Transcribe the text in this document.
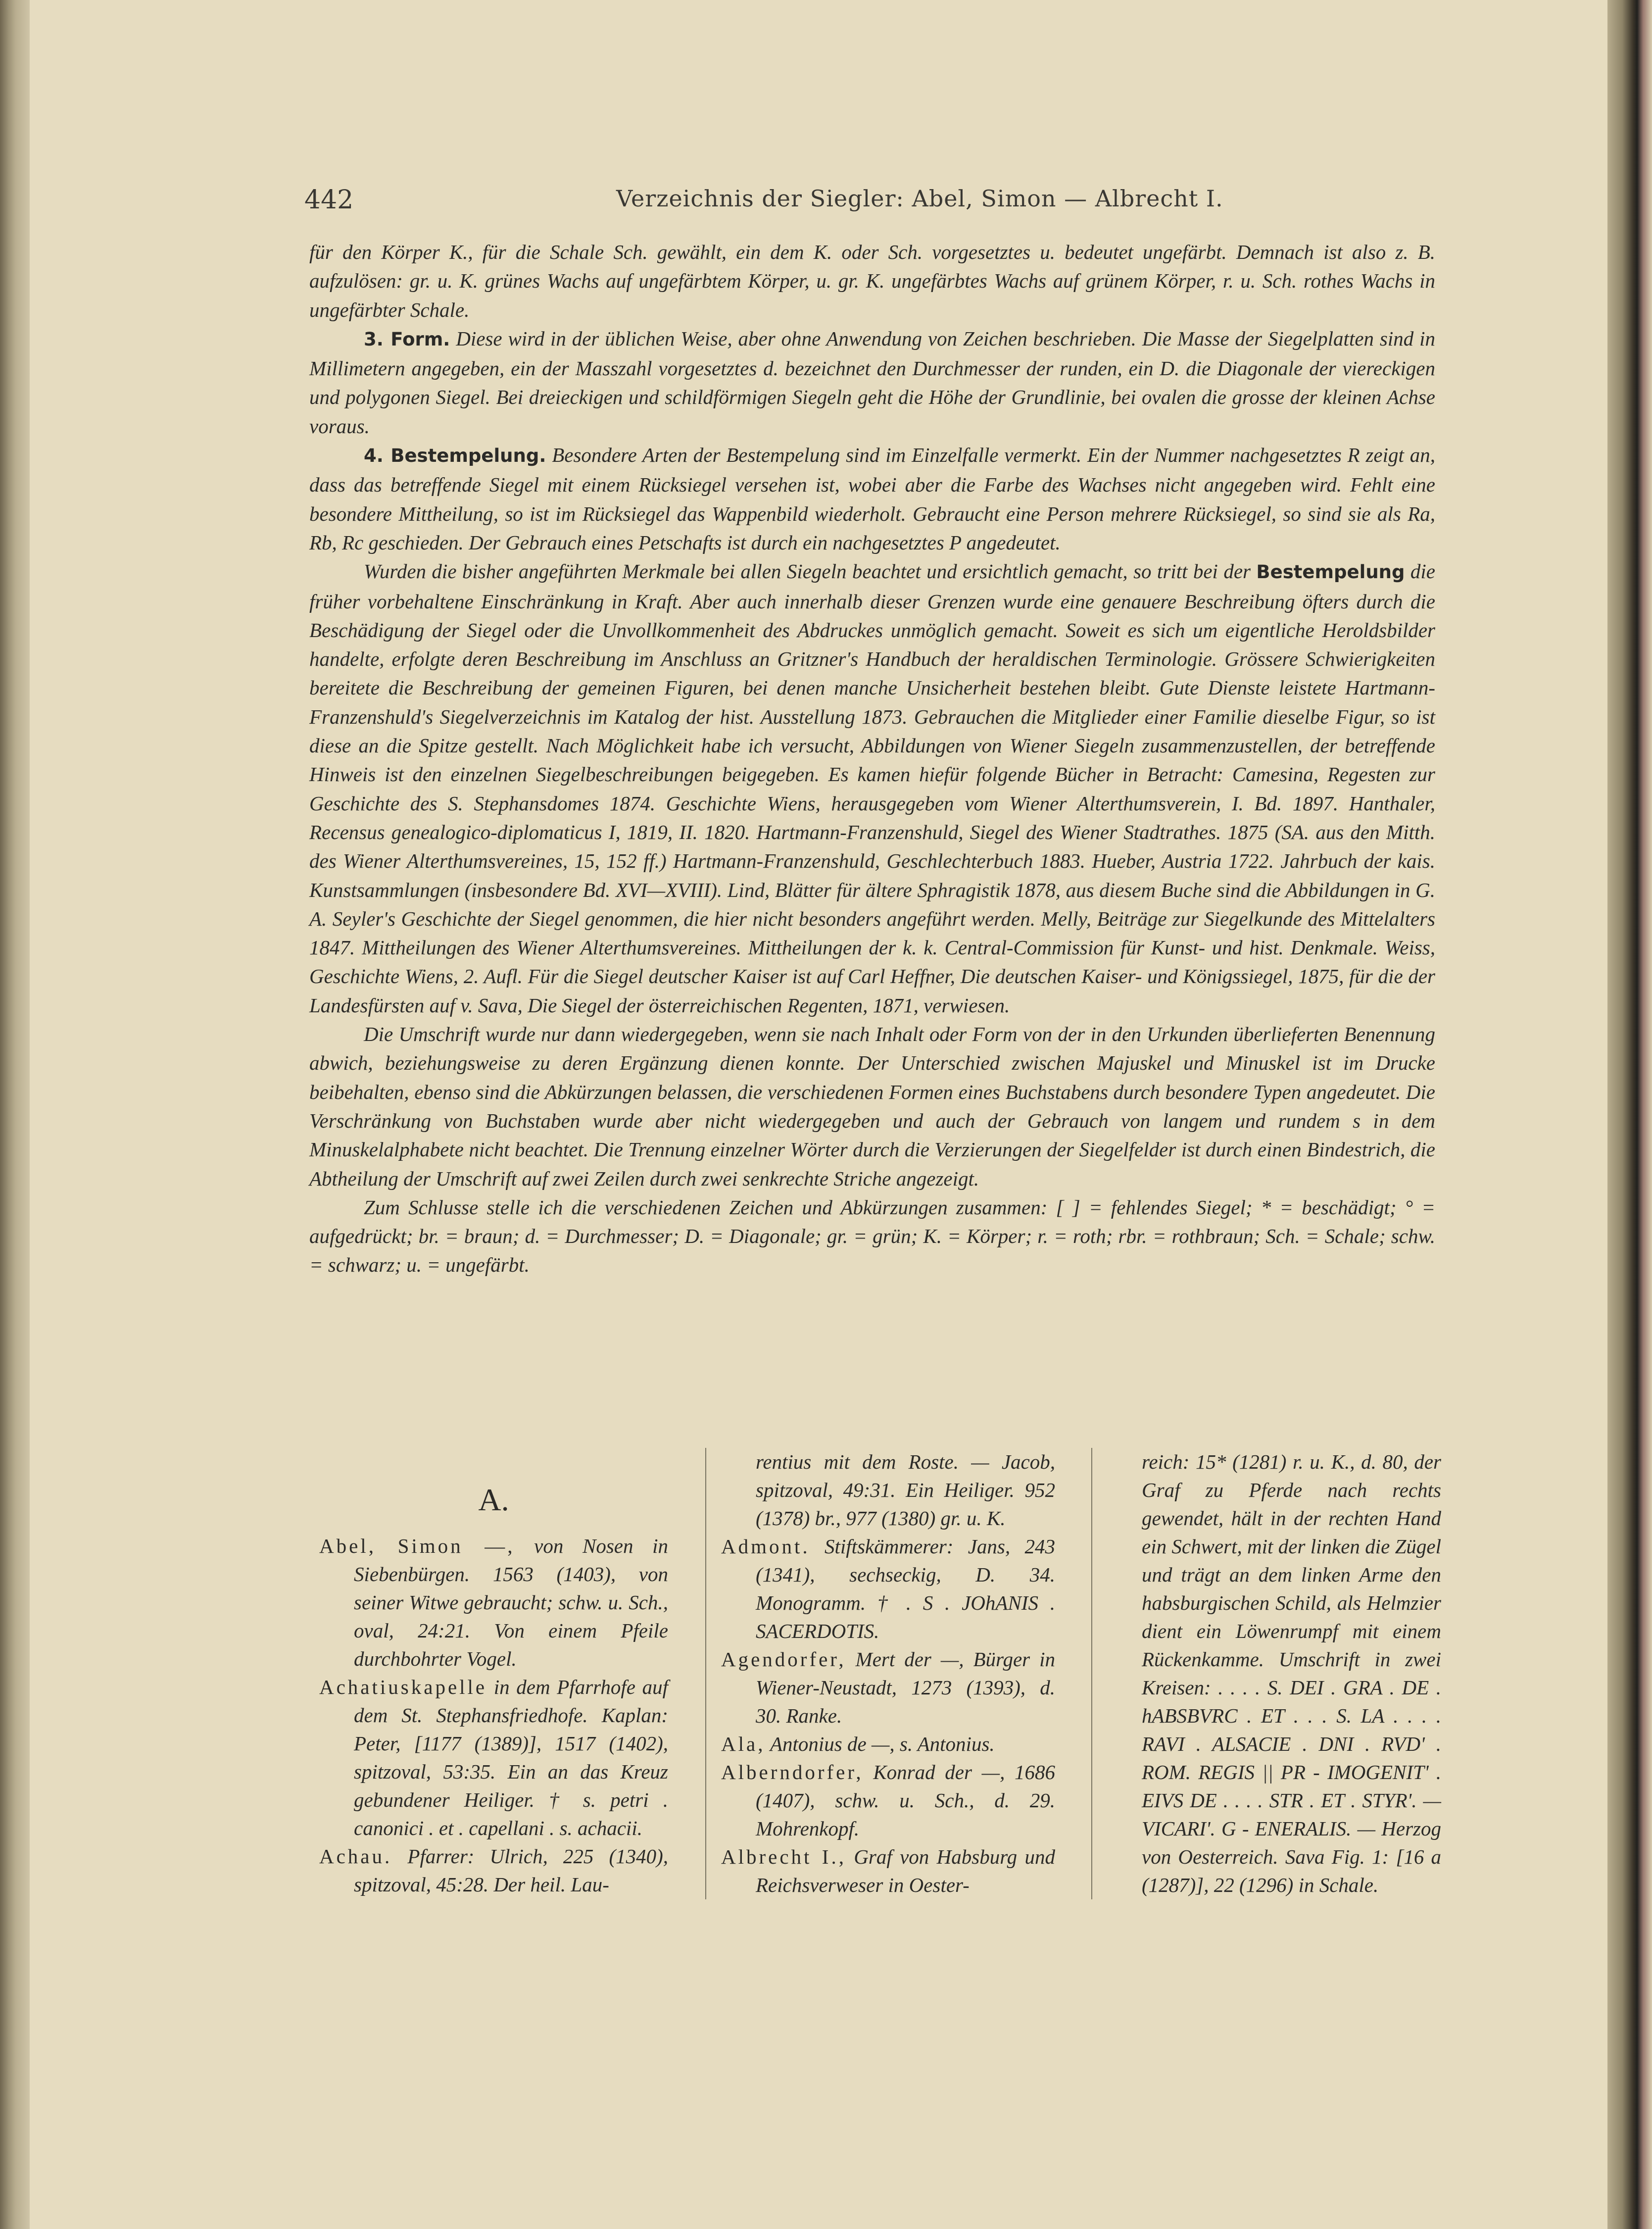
442	Verzeichnis der Siegler: Abel, Simon — Albrecht I.

für den Körper K., für die Schale Sch. gewählt, ein dem K. oder Sch. vorgesetztes u. bedeutet ungefärbt. Demnach ist also z. B. aufzulösen: gr. u. K. grünes Wachs auf ungefärbtem Körper, u. gr. K. ungefärbtes Wachs auf grünem Körper, r. u. Sch. rothes Wachs in ungefärbter Schale.

3. Form. Diese wird in der üblichen Weise, aber ohne Anwendung von Zeichen beschrieben. Die Masse der Siegelplatten sind in Millimetern angegeben, ein der Masszahl vorgesetztes d. bezeichnet den Durchmesser der runden, ein D. die Diagonale der viereckigen und polygonen Siegel. Bei dreieckigen und schildförmigen Siegeln geht die Höhe der Grundlinie, bei ovalen die grosse der kleinen Achse voraus.

4. Bestempelung. Besondere Arten der Bestempelung sind im Einzelfalle vermerkt. Ein der Nummer nachgesetztes R zeigt an, dass das betreffende Siegel mit einem Rücksiegel versehen ist, wobei aber die Farbe des Wachses nicht angegeben wird. Fehlt eine besondere Mittheilung, so ist im Rücksiegel das Wappenbild wiederholt. Gebraucht eine Person mehrere Rücksiegel, so sind sie als Ra, Rb, Rc geschieden. Der Gebrauch eines Petschafts ist durch ein nachgesetztes P angedeutet.

Wurden die bisher angeführten Merkmale bei allen Siegeln beachtet und ersichtlich gemacht, so tritt bei der Bestempelung die früher vorbehaltene Einschränkung in Kraft. Aber auch innerhalb dieser Grenzen wurde eine genauere Beschreibung öfters durch die Beschädigung der Siegel oder die Unvollkommenheit des Abdruckes unmöglich gemacht. Soweit es sich um eigentliche Heroldsbilder handelte, erfolgte deren Beschreibung im Anschluss an Gritzner's Handbuch der heraldischen Terminologie. Grössere Schwierigkeiten bereitete die Beschreibung der gemeinen Figuren, bei denen manche Unsicherheit bestehen bleibt. Gute Dienste leistete Hartmann-Franzenshuld's Siegelverzeichnis im Katalog der hist. Ausstellung 1873. Gebrauchen die Mitglieder einer Familie dieselbe Figur, so ist diese an die Spitze gestellt. Nach Möglichkeit habe ich versucht, Abbildungen von Wiener Siegeln zusammenzustellen, der betreffende Hinweis ist den einzelnen Siegelbeschreibungen beigegeben. Es kamen hiefür folgende Bücher in Betracht: Camesina, Regesten zur Geschichte des S. Stephansdomes 1874. Geschichte Wiens, herausgegeben vom Wiener Alterthumsverein, I. Bd. 1897. Hanthaler, Recensus genealogico-diplomaticus I, 1819, II. 1820. Hartmann-Franzenshuld, Siegel des Wiener Stadtrathes. 1875 (SA. aus den Mitth. des Wiener Alterthumsvereines, 15, 152 ff.) Hartmann-Franzenshuld, Geschlechterbuch 1883. Hueber, Austria 1722. Jahrbuch der kais. Kunstsammlungen (insbesondere Bd. XVI—XVIII). Lind, Blätter für ältere Sphragistik 1878, aus diesem Buche sind die Abbildungen in G. A. Seyler's Geschichte der Siegel genommen, die hier nicht besonders angeführt werden. Melly, Beiträge zur Siegelkunde des Mittelalters 1847. Mittheilungen des Wiener Alterthumsvereines. Mittheilungen der k. k. Central-Commission für Kunst- und hist. Denkmale. Weiss, Geschichte Wiens, 2. Aufl. Für die Siegel deutscher Kaiser ist auf Carl Heffner, Die deutschen Kaiser- und Königssiegel, 1875, für die der Landesfürsten auf v. Sava, Die Siegel der österreichischen Regenten, 1871, verwiesen.

Die Umschrift wurde nur dann wiedergegeben, wenn sie nach Inhalt oder Form von der in den Urkunden überlieferten Benennung abwich, beziehungsweise zu deren Ergänzung dienen konnte. Der Unterschied zwischen Majuskel und Minuskel ist im Drucke beibehalten, ebenso sind die Abkürzungen belassen, die verschiedenen Formen eines Buchstabens durch besondere Typen angedeutet. Die Verschränkung von Buchstaben wurde aber nicht wiedergegeben und auch der Gebrauch von langem und rundem s in dem Minuskelalphabete nicht beachtet. Die Trennung einzelner Wörter durch die Verzierungen der Siegelfelder ist durch einen Bindestrich, die Abtheilung der Umschrift auf zwei Zeilen durch zwei senkrechte Striche angezeigt.

Zum Schlusse stelle ich die verschiedenen Zeichen und Abkürzungen zusammen: [ ] = fehlendes Siegel; * = beschädigt; ° = aufgedrückt; br. = braun; d. = Durchmesser; D. = Diagonale; gr. = grün; K. = Körper; r. = roth; rbr. = rothbraun; Sch. = Schale; schw. = schwarz; u. = ungefärbt.

A.

Abel, Simon —, von Nosen in Siebenbürgen. 1563 (1403), von seiner Witwe gebraucht; schw. u. Sch., oval, 24:21. Von einem Pfeile durchbohrter Vogel.

Achatiuskapelle in dem Pfarrhofe auf dem St. Stephansfriedhofe. Kaplan: Peter, [1177 (1389)], 1517 (1402), spitzoval, 53:35. Ein an das Kreuz gebundener Heiliger. † s. petri . canonici . et . capellani . s. achacii.

Achau. Pfarrer: Ulrich, 225 (1340), spitzoval, 45:28. Der heil. Lau-

rentius mit dem Roste. — Jacob, spitzoval, 49:31. Ein Heiliger. 952 (1378) br., 977 (1380) gr. u. K.

Admont. Stiftskämmerer: Jans, 243 (1341), sechseckig, D. 34. Monogramm. † . S . JOhANIS . SACERDOTIS.

Agendorfer, Mert der —, Bürger in Wiener-Neustadt, 1273 (1393), d. 30. Ranke.

Ala, Antonius de —, s. Antonius.

Alberndorfer, Konrad der —, 1686 (1407), schw. u. Sch., d. 29. Mohrenkopf.

Albrecht I., Graf von Habsburg und Reichsverweser in Oester-

reich: 15* (1281) r. u. K., d. 80, der Graf zu Pferde nach rechts gewendet, hält in der rechten Hand ein Schwert, mit der linken die Zügel und trägt an dem linken Arme den habsburgischen Schild, als Helmzier dient ein Löwenrumpf mit einem Rückenkamme. Umschrift in zwei Kreisen: . . . . S. DEI . GRA . DE . hABSBVRC . ET . . . S. LA . . . . RAVI . ALSACIE . DNI . RVD' . ROM. REGIS || PR - IMOGENIT' . EIVS DE . . . . STR . ET . STYR'. — VICARI'. G - ENERALIS. — Herzog von Oesterreich. Sava Fig. 1: [16 a (1287)], 22 (1296) in Schale.
